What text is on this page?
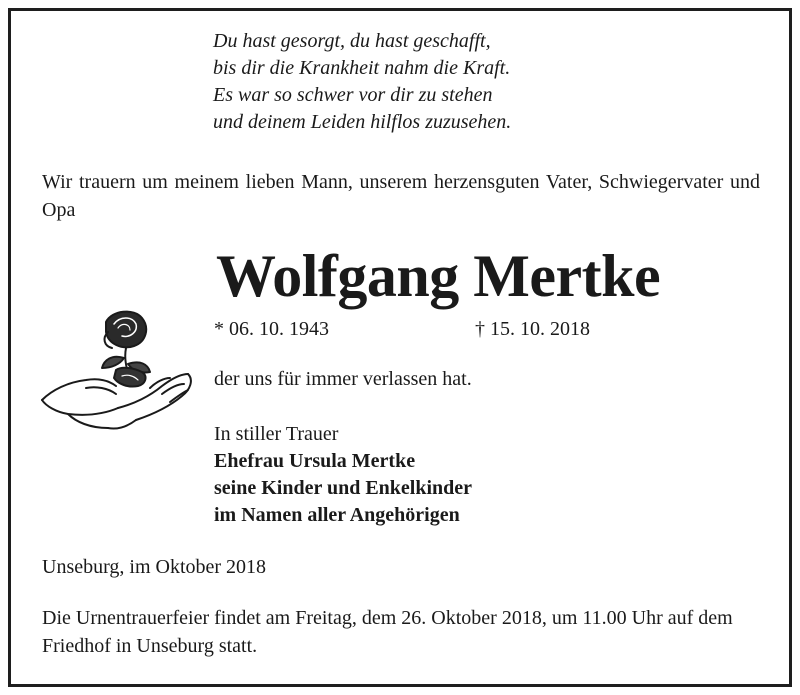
Du hast gesorgt, du hast geschafft,
bis dir die Krankheit nahm die Kraft.
Es war so schwer vor dir zu stehen
und deinem Leiden hilflos zuzusehen.
Wir trauern um meinem lieben Mann, unserem herzensguten Vater, Schwiegervater und Opa
Wolfgang Mertke
* 06. 10. 1943	† 15. 10. 2018
der uns für immer verlassen hat.
In stiller Trauer
Ehefrau Ursula Mertke
seine Kinder und Enkelkinder
im Namen aller Angehörigen
Unseburg, im Oktober 2018
Die Urnentrauerfeier findet am Freitag, dem 26. Oktober 2018, um 11.00 Uhr auf dem Friedhof in Unseburg statt.
